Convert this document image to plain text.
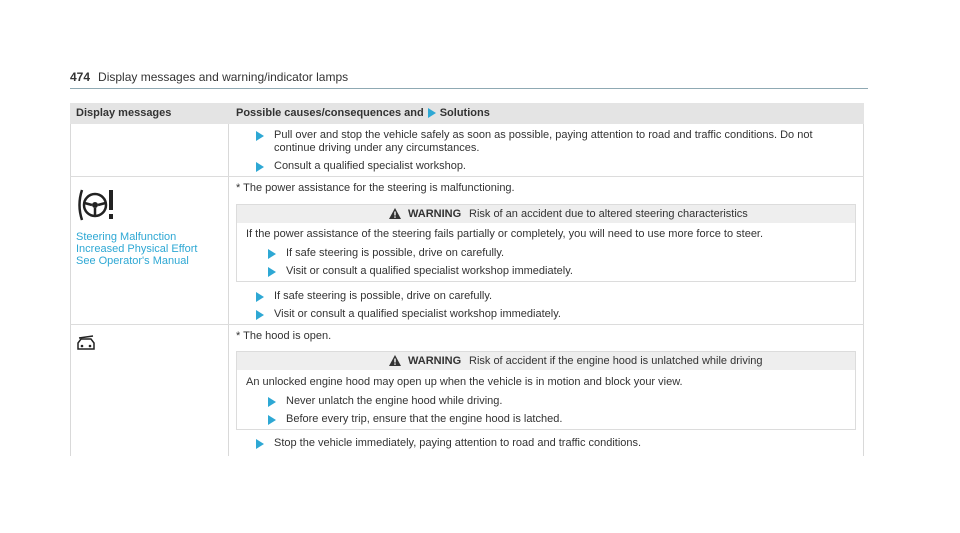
474 Display messages and warning/indicator lamps
Display messages	Possible causes/consequences and Solutions
Pull over and stop the vehicle safely as soon as possible, paying attention to road and traffic conditions. Do not
continue driving under any circumstances.
Consult a qualified specialist workshop.
Steering Malfunction
Increased Physical Effort
See Operator's Manual
* The power assistance for the steering is malfunctioning.
WARNING Risk of an accident due to altered steering characteristics
If the power assistance of the steering fails partially or completely, you will need to use more force to steer.
If safe steering is possible, drive on carefully.
Visit or consult a qualified specialist workshop immediately.
If safe steering is possible, drive on carefully.
Visit or consult a qualified specialist workshop immediately.
* The hood is open.
WARNING Risk of accident if the engine hood is unlatched while driving
An unlocked engine hood may open up when the vehicle is in motion and block your view.
Never unlatch the engine hood while driving.
Before every trip, ensure that the engine hood is latched.
Stop the vehicle immediately, paying attention to road and traffic conditions.
